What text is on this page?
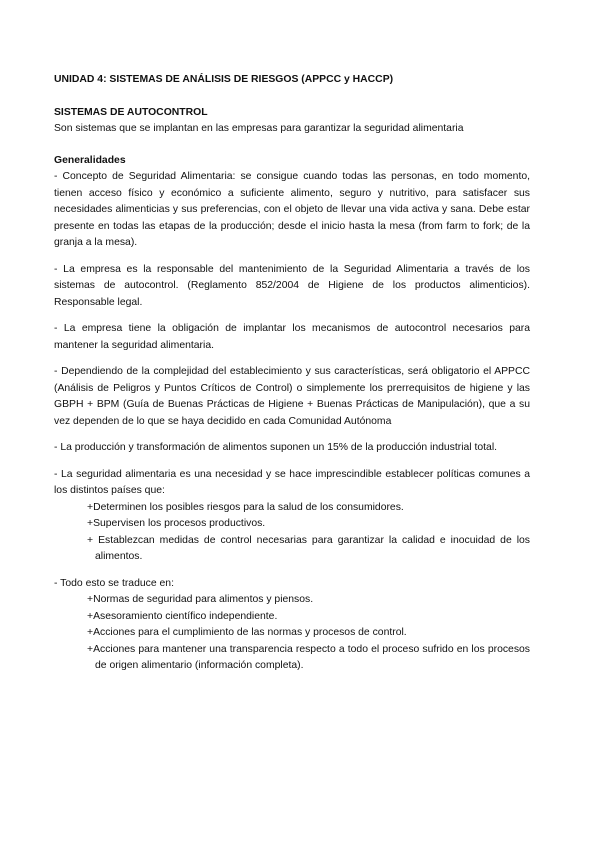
UNIDAD 4: SISTEMAS DE ANÁLISIS DE RIESGOS (APPCC y HACCP)

SISTEMAS DE AUTOCONTROL

Son sistemas que se implantan en las empresas para garantizar la seguridad alimentaria

Generalidades

- Concepto de Seguridad Alimentaria: se consigue cuando todas las personas, en todo momento, tienen acceso físico y económico a suficiente alimento, seguro y nutritivo, para satisfacer sus necesidades alimenticias y sus preferencias, con el objeto de llevar una vida activa y sana. Debe estar presente en todas las etapas de la producción; desde el inicio hasta la mesa (from farm to fork; de la granja a la mesa).

- La empresa es la responsable del mantenimiento de la Seguridad Alimentaria a través de los sistemas de autocontrol. (Reglamento 852/2004 de Higiene de los productos alimenticios). Responsable legal.

- La empresa tiene la obligación de implantar los mecanismos de autocontrol necesarios para mantener la seguridad alimentaria.

- Dependiendo de la complejidad del establecimiento y sus características, será obligatorio el APPCC (Análisis de Peligros y Puntos Críticos de Control) o simplemente los prerrequisitos de higiene y las GBPH + BPM (Guía de Buenas Prácticas de Higiene + Buenas Prácticas de Manipulación), que a su vez dependen de lo que se haya decidido en cada Comunidad Autónoma

- La producción y transformación de alimentos suponen un 15% de la producción industrial total.

- La seguridad alimentaria es una necesidad y se hace imprescindible establecer políticas comunes a los distintos países que:

+Determinen los posibles riesgos para la salud de los consumidores.
+Supervisen los procesos productivos.
+ Establezcan medidas de control necesarias para garantizar la calidad e inocuidad de los alimentos.

- Todo esto se traduce en:

+Normas de seguridad para alimentos y piensos.
+Asesoramiento científico independiente.
+Acciones para el cumplimiento de las normas y procesos de control.
+Acciones para mantener una transparencia respecto a todo el proceso sufrido en los procesos de origen alimentario (información completa).
